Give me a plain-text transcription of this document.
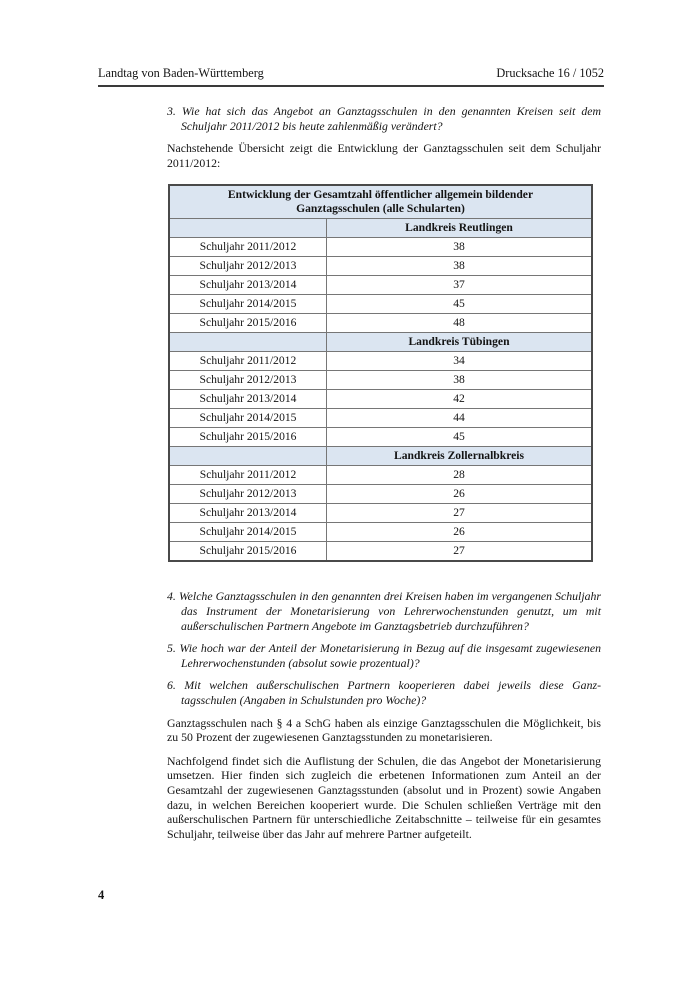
Landtag von Baden-Württemberg	Drucksache 16 / 1052

3. Wie hat sich das Angebot an Ganztagsschulen in den genannten Kreisen seit dem Schuljahr 2011/2012 bis heute zahlenmäßig verändert?

Nachstehende Übersicht zeigt die Entwicklung der Ganztagsschulen seit dem Schuljahr 2011/2012:

Entwicklung der Gesamtzahl öffentlicher allgemein bildender
Ganztagsschulen (alle Schularten)	

	Landkreis Reutlingen
Schuljahr 2011/2012	38
Schuljahr 2012/2013	38
Schuljahr 2013/2014	37
Schuljahr 2014/2015	45
Schuljahr 2015/2016	48
	Landkreis Tübingen
Schuljahr 2011/2012	34
Schuljahr 2012/2013	38
Schuljahr 2013/2014	42
Schuljahr 2014/2015	44
Schuljahr 2015/2016	45
	Landkreis Zollernalbkreis
Schuljahr 2011/2012	28
Schuljahr 2012/2013	26
Schuljahr 2013/2014	27
Schuljahr 2014/2015	26
Schuljahr 2015/2016	27

4. Welche Ganztagsschulen in den genannten drei Kreisen haben im vergangenen Schuljahr das Instrument der Monetarisierung von Lehrerwochenstunden genutzt, um mit außerschulischen Partnern Angebote im Ganztagsbetrieb durchzuführen?

5. Wie hoch war der Anteil der Monetarisierung in Bezug auf die insgesamt zugewiesenen Lehrerwochenstunden (absolut sowie prozentual)?

6. Mit welchen außerschulischen Partnern kooperieren dabei jeweils diese Ganztagsschulen (Angaben in Schulstunden pro Woche)?

Ganztagsschulen nach § 4 a SchG haben als einzige Ganztagsschulen die Möglichkeit, bis zu 50 Prozent der zugewiesenen Ganztagsstunden zu monetarisieren.

Nachfolgend findet sich die Auflistung der Schulen, die das Angebot der Monetarisierung umsetzen. Hier finden sich zugleich die erbetenen Informationen zum Anteil an der Gesamtzahl der zugewiesenen Ganztagsstunden (absolut und in Prozent) sowie Angaben dazu, in welchen Bereichen kooperiert wurde. Die Schulen schließen Verträge mit den außerschulischen Partnern für unterschiedliche Zeitabschnitte – teilweise für ein gesamtes Schuljahr, teilweise über das Jahr auf mehrere Partner aufgeteilt.

4
